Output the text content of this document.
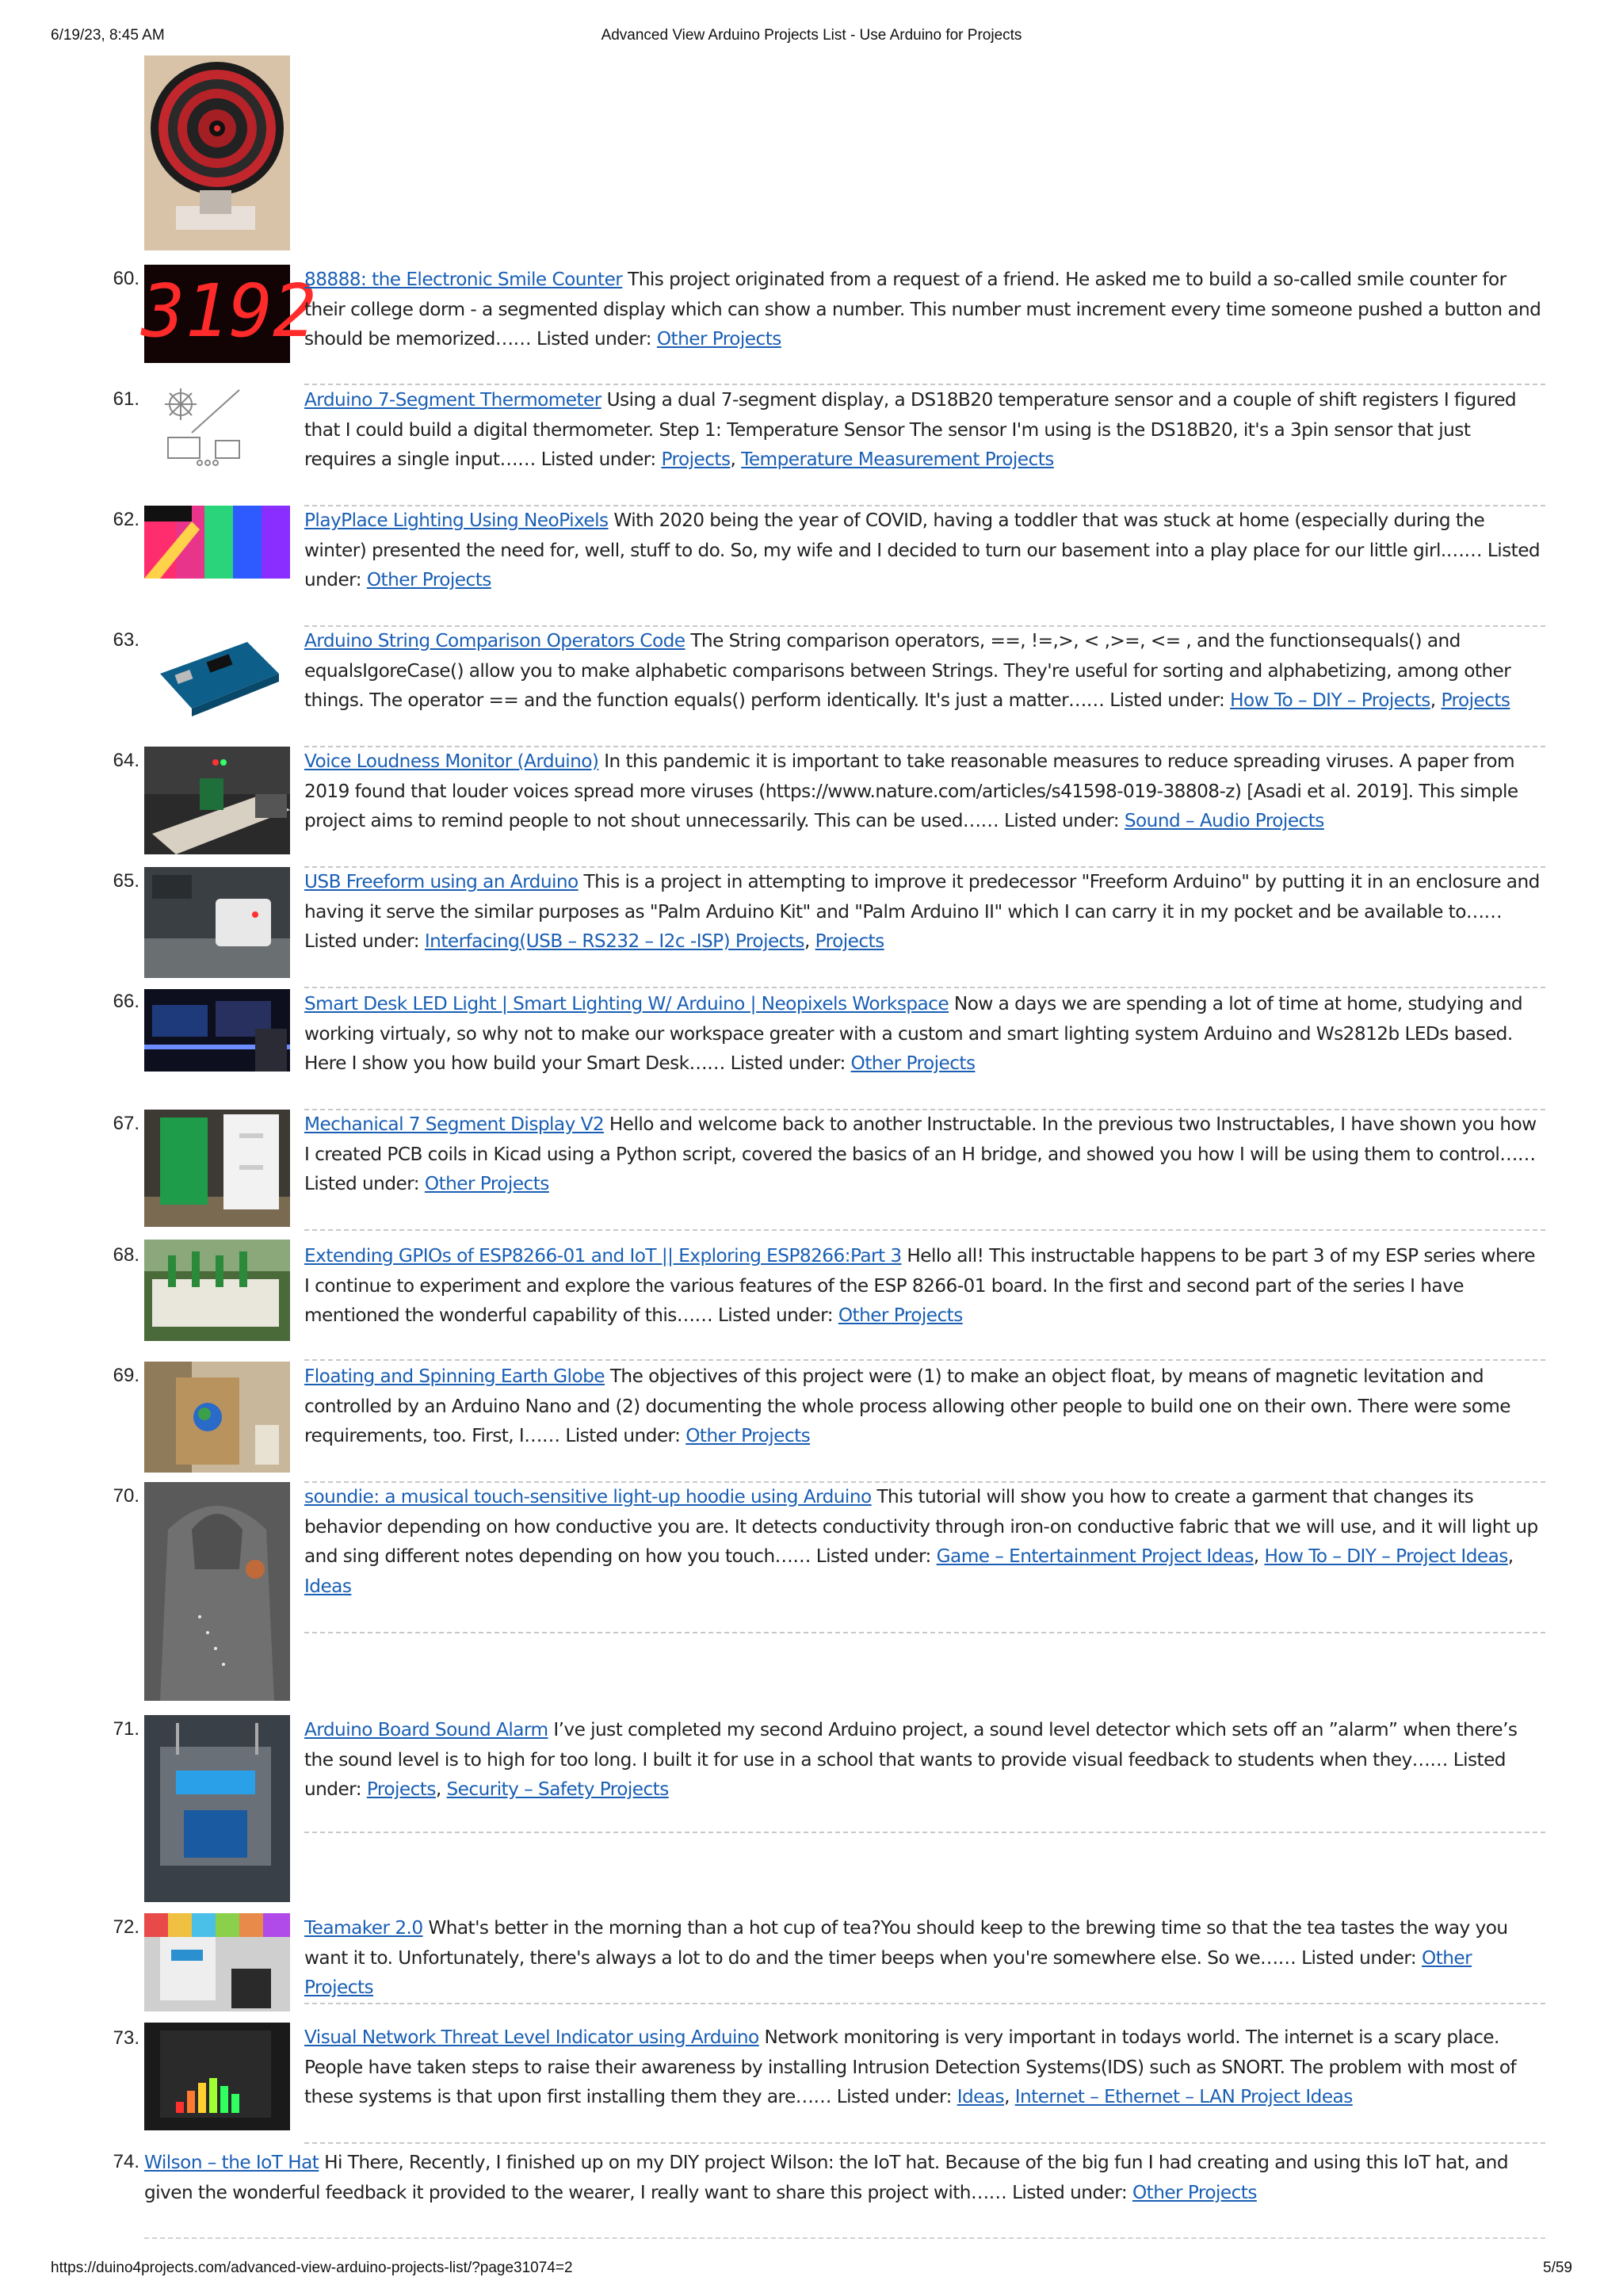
6/19/23, 8:45 AM	Advanced View Arduino Projects List - Use Arduino for Projects
60. 3192
88888: the Electronic Smile Counter This project originated from a request of a friend. He asked me to build a so-called smile counter for their college dorm - a segmented display which can show a number. This number must increment every time someone pushed a button and should be memorized…… Listed under: Other Projects
61.	Arduino 7-Segment Thermometer Using a dual 7-segment display, a DS18B20 temperature sensor and a couple of shift registers I figured that I could build a digital thermometer. Step 1: Temperature Sensor The sensor I'm using is the DS18B20, it's a 3pin sensor that just requires a single input…… Listed under: Projects, Temperature Measurement Projects
62.	PlayPlace Lighting Using NeoPixels With 2020 being the year of COVID, having a toddler that was stuck at home (especially during the winter) presented the need for, well, stuff to do. So, my wife and I decided to turn our basement into a play place for our little girl.…… Listed under: Other Projects
63.	Arduino String Comparison Operators Code The String comparison operators, ==, !=,>, < ,>=, <= , and the functionsequals() and equalsIgoreCase() allow you to make alphabetic comparisons between Strings. They're useful for sorting and alphabetizing, among other things. The operator == and the function equals() perform identically. It's just a matter…… Listed under: How To – DIY – Projects, Projects
64.	Voice Loudness Monitor (Arduino) In this pandemic it is important to take reasonable measures to reduce spreading viruses. A paper from 2019 found that louder voices spread more viruses (https://www.nature.com/articles/s41598-019-38808-z) [Asadi et al. 2019]. This simple project aims to remind people to not shout unnecessarily. This can be used…… Listed under: Sound – Audio Projects
65.	USB Freeform using an Arduino This is a project in attempting to improve it predecessor "Freeform Arduino" by putting it in an enclosure and having it serve the similar purposes as "Palm Arduino Kit" and "Palm Arduino II" which I can carry it in my pocket and be available to…… Listed under: Interfacing(USB – RS232 – I2c -ISP) Projects, Projects
66.	Smart Desk LED Light | Smart Lighting W/ Arduino | Neopixels Workspace Now a days we are spending a lot of time at home, studying and working virtualy, so why not to make our workspace greater with a custom and smart lighting system Arduino and Ws2812b LEDs based. Here I show you how build your Smart Desk…… Listed under: Other Projects
67.	Mechanical 7 Segment Display V2 Hello and welcome back to another Instructable. In the previous two Instructables, I have shown you how I created PCB coils in Kicad using a Python script, covered the basics of an H bridge, and showed you how I will be using them to control…… Listed under: Other Projects
68.	Extending GPIOs of ESP8266-01 and IoT || Exploring ESP8266:Part 3 Hello all! This instructable happens to be part 3 of my ESP series where I continue to experiment and explore the various features of the ESP 8266-01 board. In the first and second part of the series I have mentioned the wonderful capability of this…… Listed under: Other Projects
69.	Floating and Spinning Earth Globe The objectives of this project were (1) to make an object float, by means of magnetic levitation and controlled by an Arduino Nano and (2) documenting the whole process allowing other people to build one on their own. There were some requirements, too. First, I…… Listed under: Other Projects
70.	soundie: a musical touch-sensitive light-up hoodie using Arduino This tutorial will show you how to create a garment that changes its behavior depending on how conductive you are. It detects conductivity through iron-on conductive fabric that we will use, and it will light up and sing different notes depending on how you touch…… Listed under: Game – Entertainment Project Ideas, How To – DIY – Project Ideas, Ideas
71.	Arduino Board Sound Alarm I’ve just completed my second Arduino project, a sound level detector which sets off an ”alarm” when there’s the sound level is to high for too long. I built it for use in a school that wants to provide visual feedback to students when they…… Listed under: Projects, Security – Safety Projects
72.	Teamaker 2.0 What's better in the morning than a hot cup of tea?You should keep to the brewing time so that the tea tastes the way you want it to. Unfortunately, there's always a lot to do and the timer beeps when you're somewhere else. So we…… Listed under: Other Projects
73.	Visual Network Threat Level Indicator using Arduino Network monitoring is very important in todays world. The internet is a scary place. People have taken steps to raise their awareness by installing Intrusion Detection Systems(IDS) such as SNORT. The problem with most of these systems is that upon first installing them they are…… Listed under: Ideas, Internet – Ethernet – LAN Project Ideas
74. Wilson – the IoT Hat Hi There, Recently, I finished up on my DIY project Wilson: the IoT hat. Because of the big fun I had creating and using this IoT hat, and given the wonderful feedback it provided to the wearer, I really want to share this project with…… Listed under: Other Projects
https://duino4projects.com/advanced-view-arduino-projects-list/?page31074=2	5/59
